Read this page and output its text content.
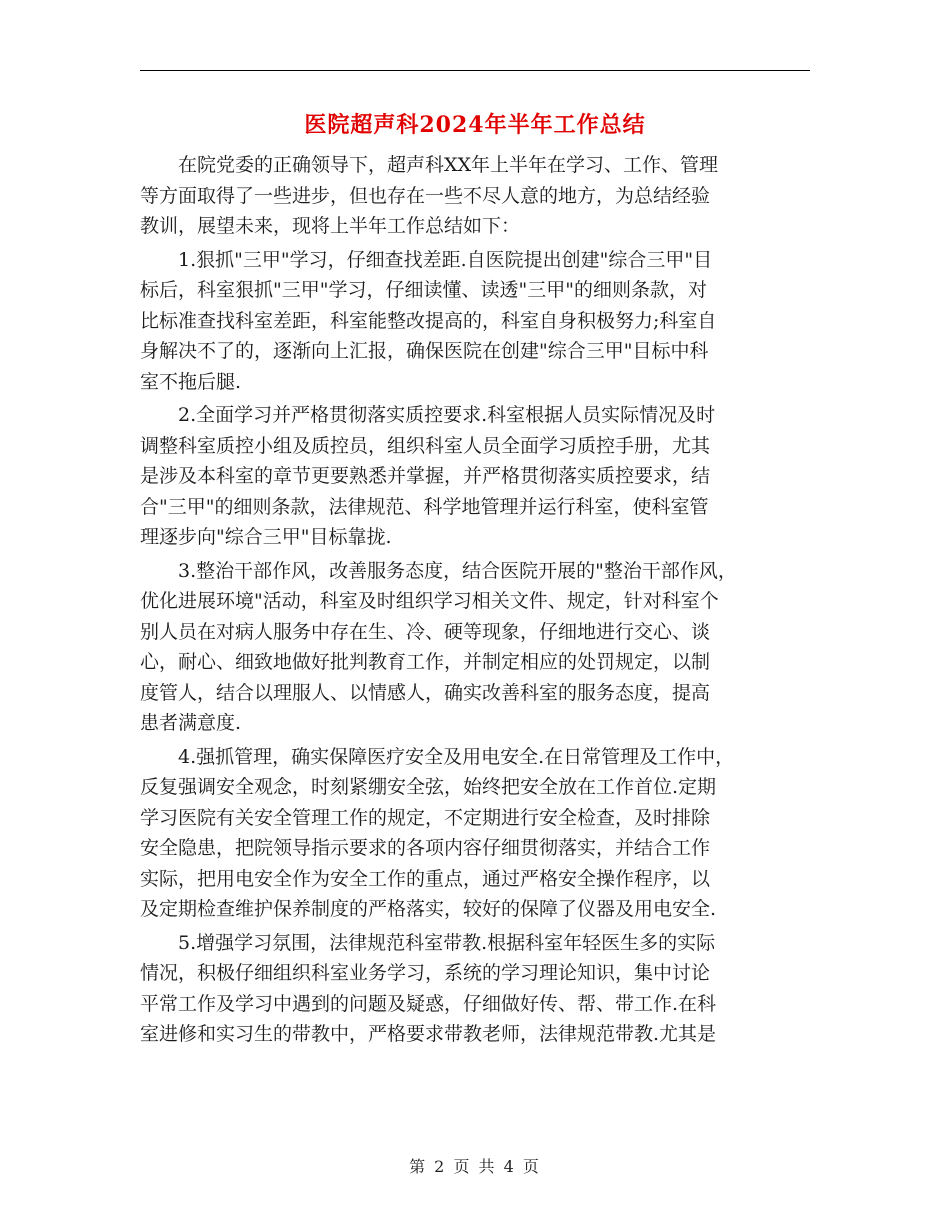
医院超声科2024年半年工作总结

　　在院党委的正确领导下，超声科XX年上半年在学习、工作、管理
等方面取得了一些进步，但也存在一些不尽人意的地方，为总结经验
教训，展望未来，现将上半年工作总结如下：

　　1.狠抓"三甲"学习，仔细查找差距.自医院提出创建"综合三甲"目
标后，科室狠抓"三甲"学习，仔细读懂、读透"三甲"的细则条款，对
比标准查找科室差距，科室能整改提高的，科室自身积极努力;科室自
身解决不了的，逐渐向上汇报，确保医院在创建"综合三甲"目标中科
室不拖后腿.

　　2.全面学习并严格贯彻落实质控要求.科室根据人员实际情况及时
调整科室质控小组及质控员，组织科室人员全面学习质控手册，尤其
是涉及本科室的章节更要熟悉并掌握，并严格贯彻落实质控要求，结
合"三甲"的细则条款，法律规范、科学地管理并运行科室，使科室管
理逐步向"综合三甲"目标靠拢.

　　3.整治干部作风，改善服务态度，结合医院开展的"整治干部作风，
优化进展环境"活动，科室及时组织学习相关文件、规定，针对科室个
别人员在对病人服务中存在生、冷、硬等现象，仔细地进行交心、谈
心，耐心、细致地做好批判教育工作，并制定相应的处罚规定，以制
度管人，结合以理服人、以情感人，确实改善科室的服务态度，提高
患者满意度.

　　4.强抓管理，确实保障医疗安全及用电安全.在日常管理及工作中，
反复强调安全观念，时刻紧绷安全弦，始终把安全放在工作首位.定期
学习医院有关安全管理工作的规定，不定期进行安全检查，及时排除
安全隐患，把院领导指示要求的各项内容仔细贯彻落实，并结合工作
实际，把用电安全作为安全工作的重点，通过严格安全操作程序，以
及定期检查维护保养制度的严格落实，较好的保障了仪器及用电安全.

　　5.增强学习氛围，法律规范科室带教.根据科室年轻医生多的实际
情况，积极仔细组织科室业务学习，系统的学习理论知识，集中讨论
平常工作及学习中遇到的问题及疑惑，仔细做好传、帮、带工作.在科
室进修和实习生的带教中，严格要求带教老师，法律规范带教.尤其是

第 2 页 共 4 页
